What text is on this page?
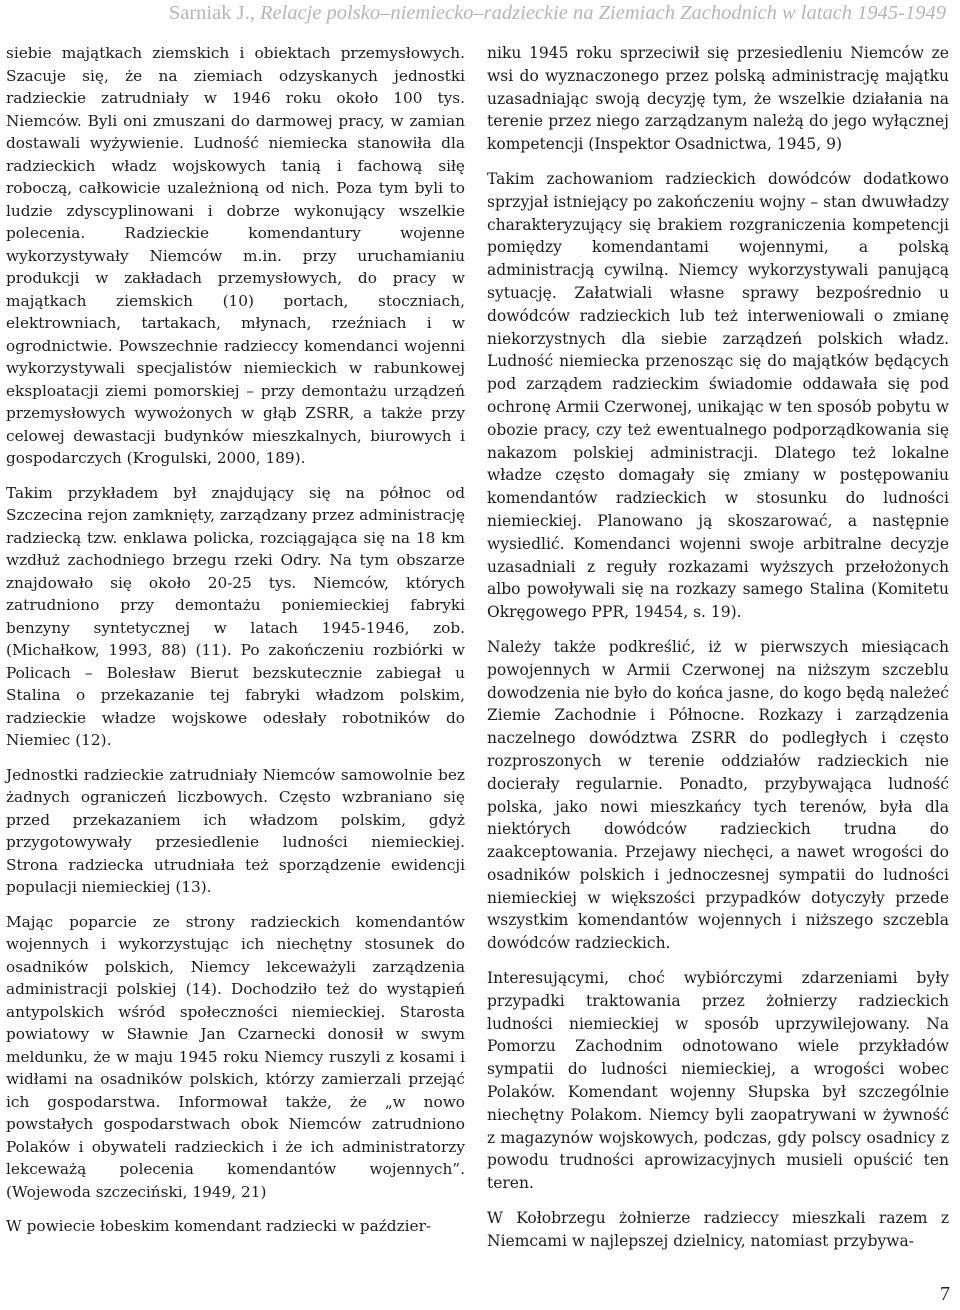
Sarniak J., Relacje polsko–niemiecko–radzieckie na Ziemiach Zachodnich w latach 1945-1949

siebie majątkach ziemskich i obiektach przemysłowych. Szacuje się, że na ziemiach odzyskanych jednostki radzieckie zatrudniały w 1946 roku około 100 tys. Niemców. Byli oni zmuszani do darmowej pracy, w zamian dostawali wyżywienie. Ludność niemiecka stanowiła dla radzieckich władz wojskowych tanią i fachową siłę roboczą, całkowicie uzależnioną od nich. Poza tym byli to ludzie zdyscyplinowani i dobrze wykonujący wszelkie polecenia. Radzieckie komendantury wojenne wykorzystywały Niemców m.in. przy uruchamianiu produkcji w zakładach przemysłowych, do pracy w majątkach ziemskich (10) portach, stoczniach, elektrowniach, tartakach, młynach, rzeźniach i w ogrodnictwie. Powszechnie radzieccy komendanci wojenni wykorzystywali specjalistów niemieckich w rabunkowej eksploatacji ziemi pomorskiej – przy demontażu urządzeń przemysłowych wywożonych w głąb ZSRR, a także przy celowej dewastacji budynków mieszkalnych, biurowych i gospodarczych (Krogulski, 2000, 189).

Takim przykładem był znajdujący się na północ od Szczecina rejon zamknięty, zarządzany przez administrację radziecką tzw. enklawa policka, rozciągająca się na 18 km wzdłuż zachodniego brzegu rzeki Odry. Na tym obszarze znajdowało się około 20-25 tys. Niemców, których zatrudniono przy demontażu poniemieckiej fabryki benzyny syntetycznej w latach 1945-1946, zob.(Michałkow, 1993, 88) (11). Po zakończeniu rozbiórki w Policach – Bolesław Bierut bezskutecznie zabiegał u Stalina o przekazanie tej fabryki władzom polskim, radzieckie władze wojskowe odesłały robotników do Niemiec (12).

Jednostki radzieckie zatrudniały Niemców samowolnie bez żadnych ograniczeń liczbowych. Często wzbraniano się przed przekazaniem ich władzom polskim, gdyż przygotowywały przesiedlenie ludności niemieckiej. Strona radziecka utrudniała też sporządzenie ewidencji populacji niemieckiej (13).

Mając poparcie ze strony radzieckich komendantów wojennych i wykorzystując ich niechętny stosunek do osadników polskich, Niemcy lekceważyli zarządzenia administracji polskiej (14). Dochodziło też do wystąpień antypolskich wśród społeczności niemieckiej. Starosta powiatowy w Sławnie Jan Czarnecki donosił w swym meldunku, że w maju 1945 roku Niemcy ruszyli z kosami i widłami na osadników polskich, którzy zamierzali przejąć ich gospodarstwa. Informował także, że „w nowo powstałych gospodarstwach obok Niemców zatrudniono Polaków i obywateli radzieckich i że ich administratorzy lekceważą polecenia komendantów wojennych”. (Wojewoda szczeciński, 1949, 21)

W powiecie łobeskim komendant radziecki w paździer-

niku 1945 roku sprzeciwił się przesiedleniu Niemców ze wsi do wyznaczonego przez polską administrację majątku uzasadniając swoją decyzję tym, że wszelkie działania na terenie przez niego zarządzanym należą do jego wyłącznej kompetencji (Inspektor Osadnictwa, 1945, 9)

Takim zachowaniom radzieckich dowódców dodatkowo sprzyjał istniejący po zakończeniu wojny – stan dwuwładzy charakteryzujący się brakiem rozgraniczenia kompetencji pomiędzy komendantami wojennymi, a polską administracją cywilną. Niemcy wykorzystywali panującą sytuację. Załatwiali własne sprawy bezpośrednio u dowódców radzieckich lub też interweniowali o zmianę niekorzystnych dla siebie zarządzeń polskich władz. Ludność niemiecka przenosząc się do majątków będących pod zarządem radzieckim świadomie oddawała się pod ochronę Armii Czerwonej, unikając w ten sposób pobytu w obozie pracy, czy też ewentualnego podporządkowania się nakazom polskiej administracji. Dlatego też lokalne władze często domagały się zmiany w postępowaniu komendantów radzieckich w stosunku do ludności niemieckiej. Planowano ją skoszarować, a następnie wysiedlić. Komendanci wojenni swoje arbitralne decyzje uzasadniali z reguły rozkazami wyższych przełożonych albo powoływali się na rozkazy samego Stalina (Komitetu Okręgowego PPR, 19454, s. 19).

Należy także podkreślić, iż w pierwszych miesiącach powojennych w Armii Czerwonej na niższym szczeblu dowodzenia nie było do końca jasne, do kogo będą należeć Ziemie Zachodnie i Północne. Rozkazy i zarządzenia naczelnego dowództwa ZSRR do podległych i często rozproszonych w terenie oddziałów radzieckich nie docierały regularnie. Ponadto, przybywająca ludność polska, jako nowi mieszkańcy tych terenów, była dla niektórych dowódców radzieckich trudna do zaakceptowania. Przejawy niechęci, a nawet wrogości do osadników polskich i jednoczesnej sympatii do ludności niemieckiej w większości przypadków dotyczyły przede wszystkim komendantów wojennych i niższego szczebla dowódców radzieckich.

Interesującymi, choć wybiórczymi zdarzeniami były przypadki traktowania przez żołnierzy radzieckich ludności niemieckiej w sposób uprzywilejowany. Na Pomorzu Zachodnim odnotowano wiele przykładów sympatii do ludności niemieckiej, a wrogości wobec Polaków. Komendant wojenny Słupska był szczególnie niechętny Polakom. Niemcy byli zaopatrywani w żywność z magazynów wojskowych, podczas, gdy polscy osadnicy z powodu trudności aprowizacyjnych musieli opuścić ten teren.

W Kołobrzegu żołnierze radzieccy mieszkali razem z Niemcami w najlepszej dzielnicy, natomiast przybywa-

7
